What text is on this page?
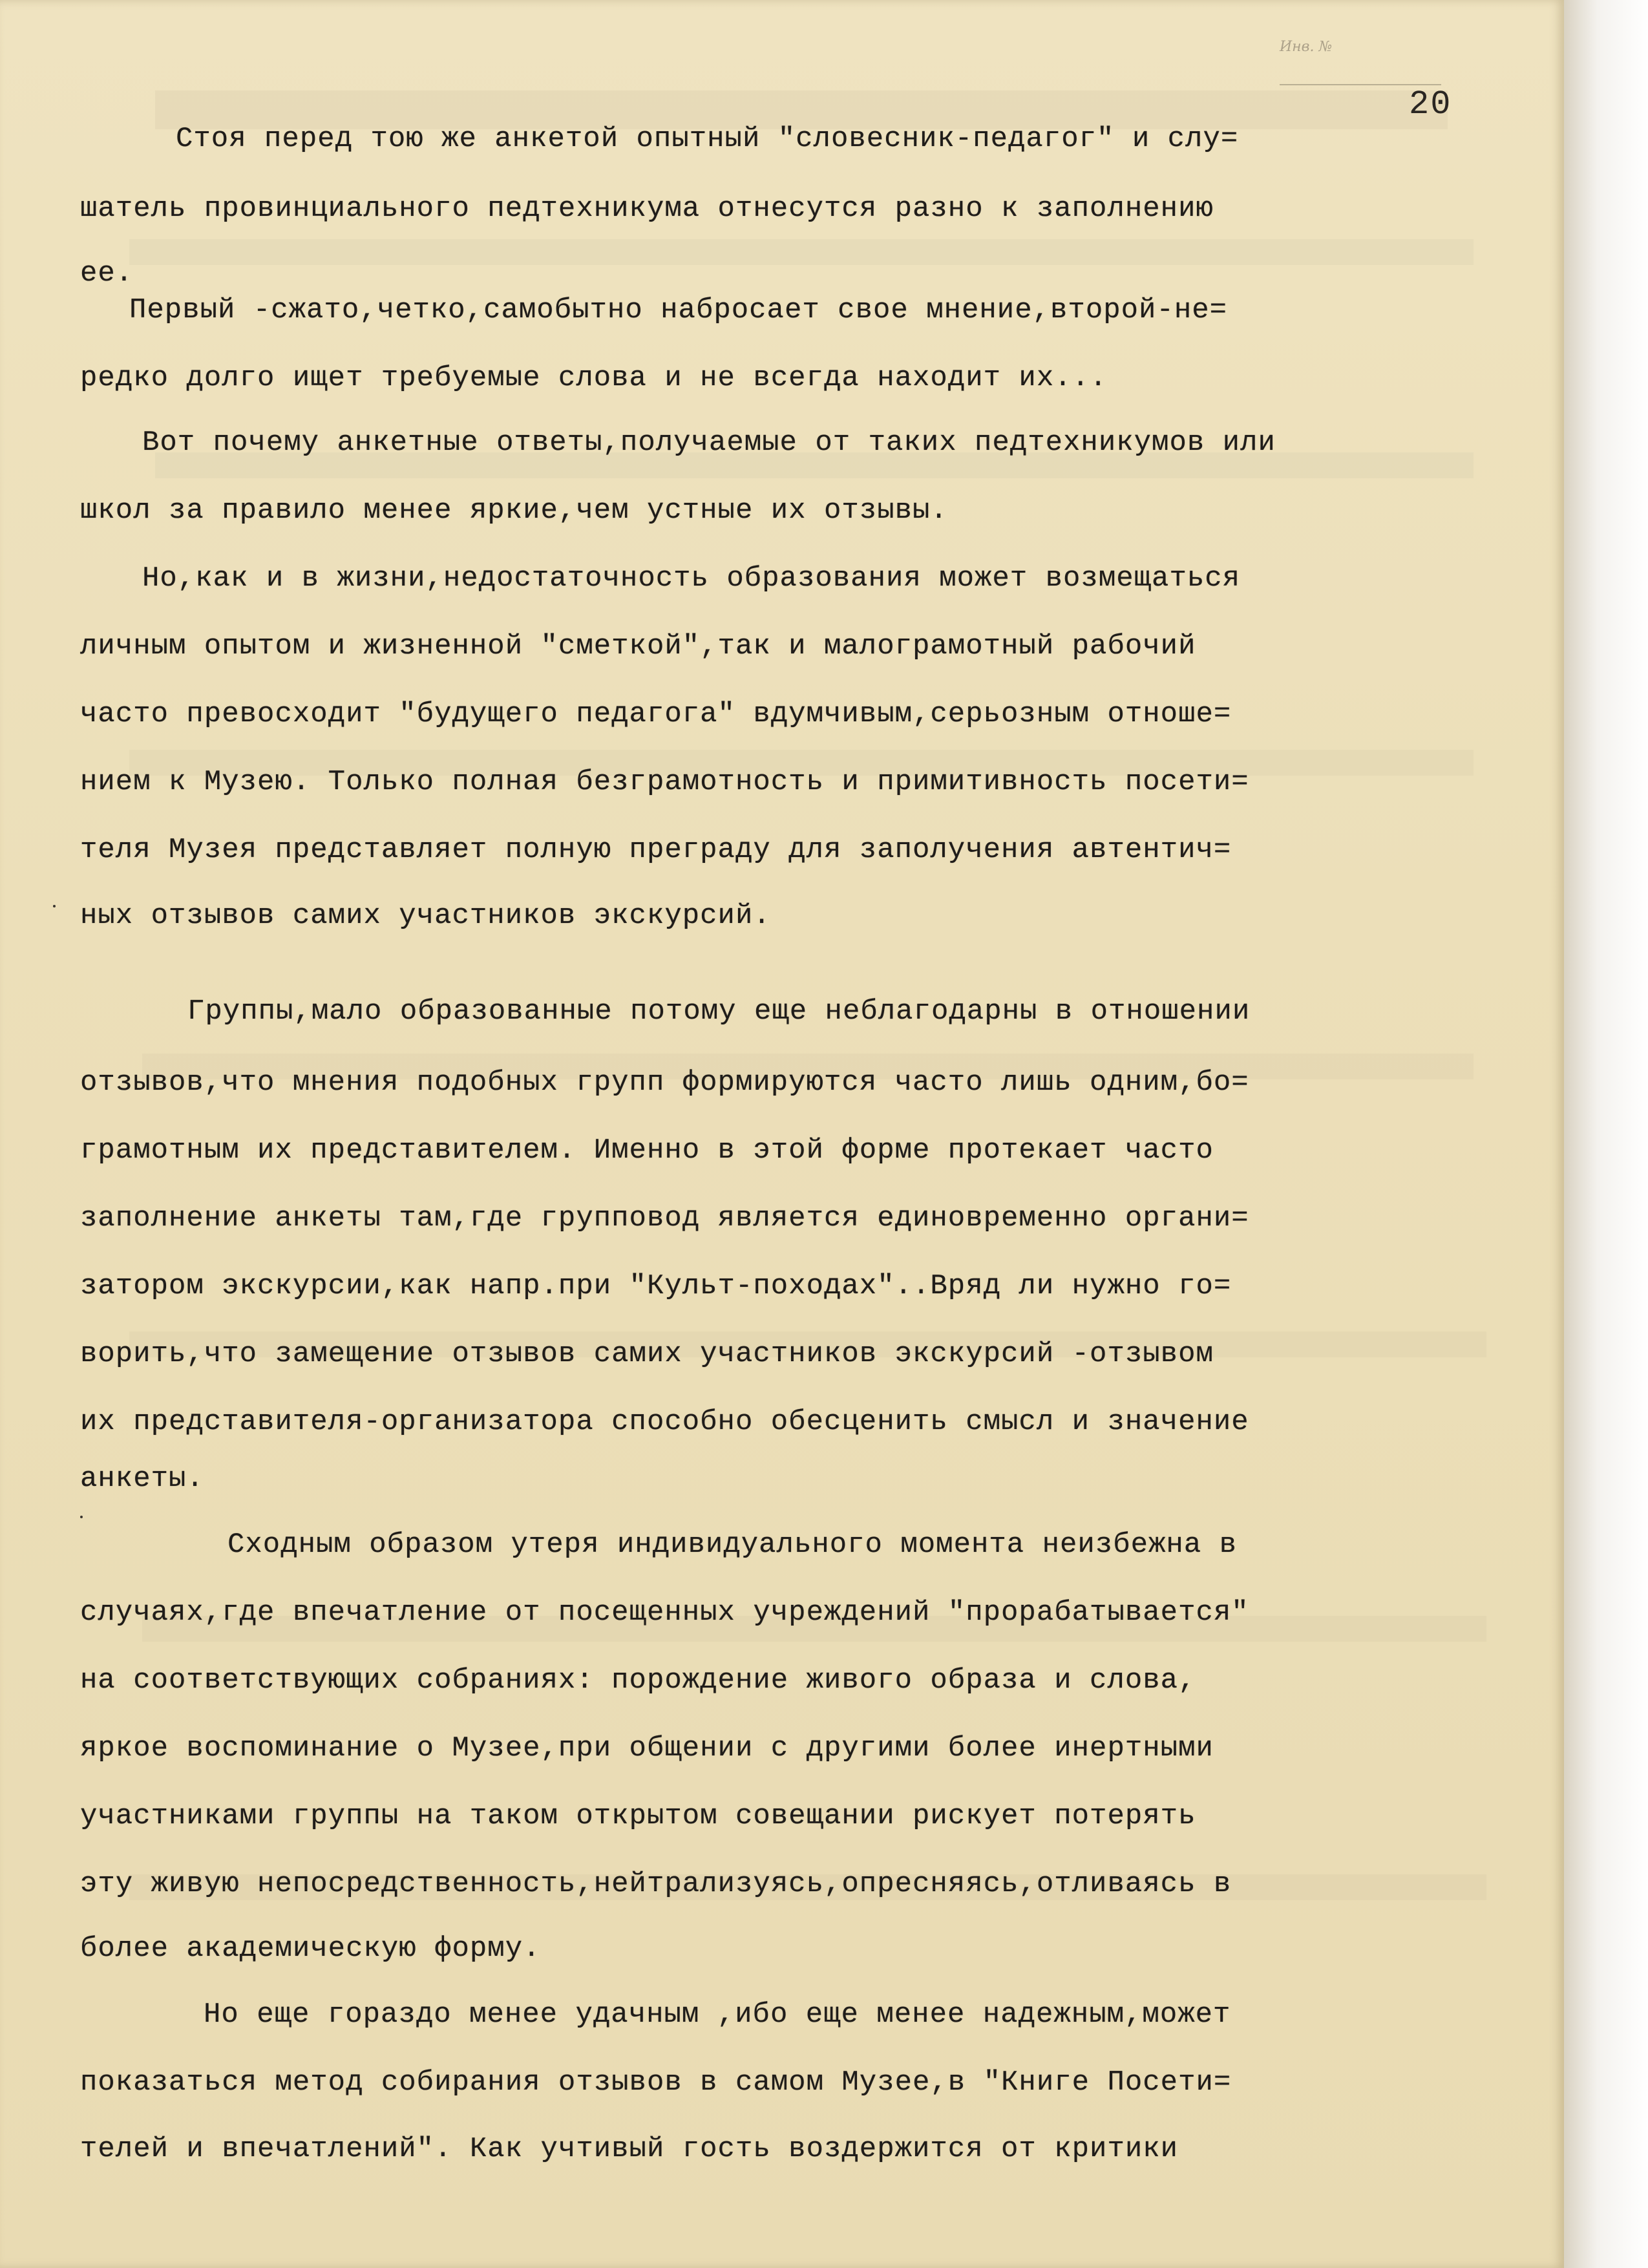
Инв. №
20
Стоя перед тою же анкетой опытный "словесник-педагог" и слу=
шатель провинциального педтехникума отнесутся разно к заполнению
ее.
Первый -сжато,четко,самобытно набросает свое мнение,второй-не=
редко долго ищет требуемые слова и не всегда находит их...
Вот почему анкетные ответы,получаемые от таких педтехникумов или
школ за правило менее яркие,чем устные их отзывы.
Но,как и в жизни,недостаточность образования может возмещаться
личным опытом и жизненной "сметкой",так и малограмотный рабочий
часто превосходит "будущего педагога" вдумчивым,серьозным отноше=
нием к Музею. Только полная безграмотность и примитивность посети=
теля Музея представляет полную преграду для заполучения автентич=
ных отзывов самих участников экскурсий.
Группы,мало образованные потому еще неблагодарны в отношении
отзывов,что мнения подобных групп формируются часто лишь одним,бо=
грамотным их представителем. Именно в этой форме протекает часто
заполнение анкеты там,где групповод является единовременно органи=
затором экскурсии,как напр.при "Культ-походах"..Вряд ли нужно го=
ворить,что замещение отзывов самих участников экскурсий -отзывом
их представителя-организатора способно обесценить смысл и значение
анкеты.
Сходным образом утеря индивидуального момента неизбежна в
случаях,где впечатление от посещенных учреждений "прорабатывается"
на соответствующих собраниях: порождение живого образа и слова,
яркое воспоминание о Музее,при общении с другими более инертными
участниками группы на таком открытом совещании рискует потерять
эту живую непосредственность,нейтрализуясь,опресняясь,отливаясь в
более академическую форму.
Но еще гораздо менее удачным ,ибо еще менее надежным,может
показаться метод собирания отзывов в самом Музее,в "Книге Посети=
телей и впечатлений". Как учтивый гость воздержится от критики
